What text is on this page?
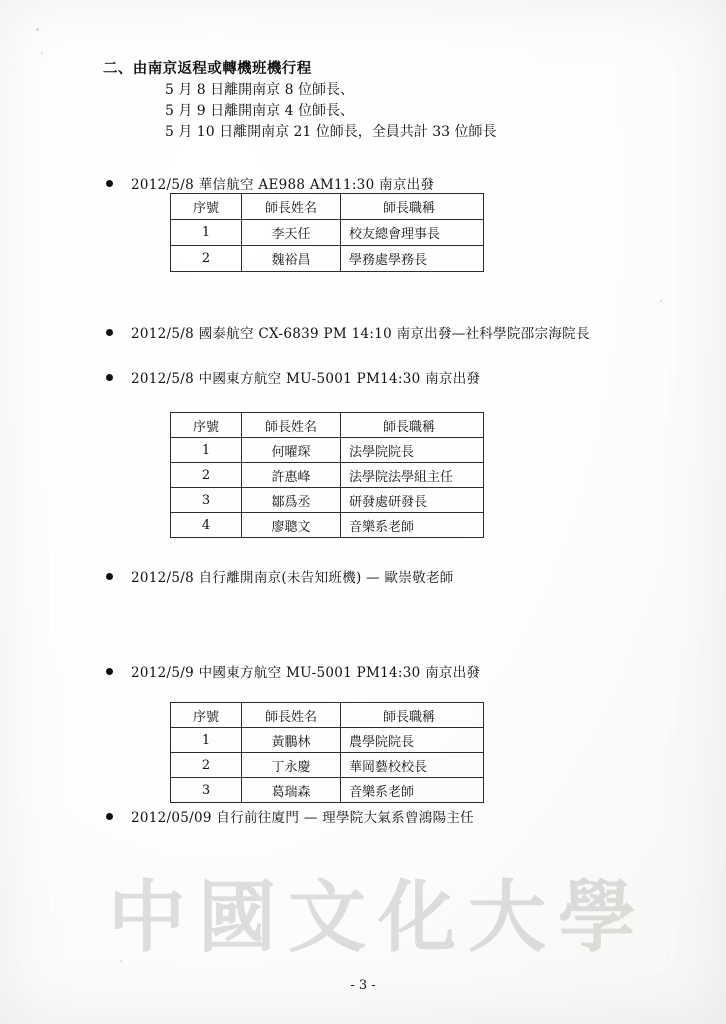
二、由南京返程或轉機班機行程
5 月 8 日離開南京 8 位師長、
5 月 9 日離開南京 4 位師長、
5 月 10 日離開南京 21 位師長，全員共計 33 位師長
2012/5/8 華信航空 AE988 AM11:30 南京出發
序號	師長姓名	師長職稱
1	李天任	校友總會理事長
2	魏裕昌	學務處學務長
2012/5/8 國泰航空 CX-6839 PM 14:10 南京出發—社科學院邵宗海院長
2012/5/8 中國東方航空 MU-5001 PM14:30 南京出發
序號	師長姓名	師長職稱
1	何曜琛	法學院院長
2	許惠峰	法學院法學組主任
3	鄒爲丞	研發處研發長
4	廖聰文	音樂系老師
2012/5/8 自行離開南京(未告知班機) — 歐崇敬老師
2012/5/9 中國東方航空 MU-5001 PM14:30 南京出發
序號	師長姓名	師長職稱
1	黃鵬林	農學院院長
2	丁永慶	華岡藝校校長
3	葛瑞森	音樂系老師
2012/05/09 自行前往廈門 — 理學院大氣系曾鴻陽主任
中國文化大學
- 3 -
